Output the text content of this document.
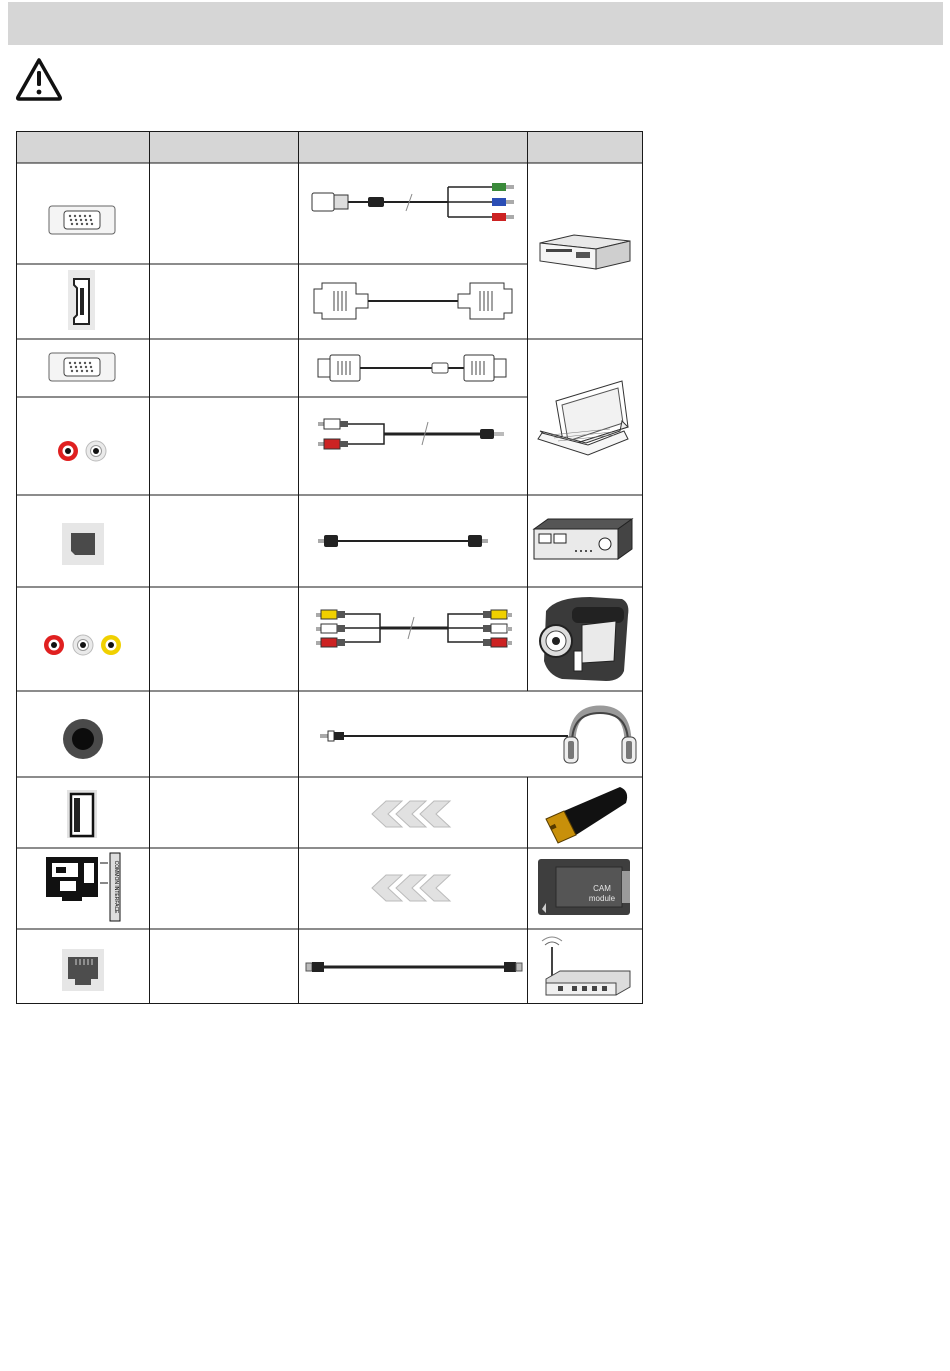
COMMON INTERFACE	CAM
module
